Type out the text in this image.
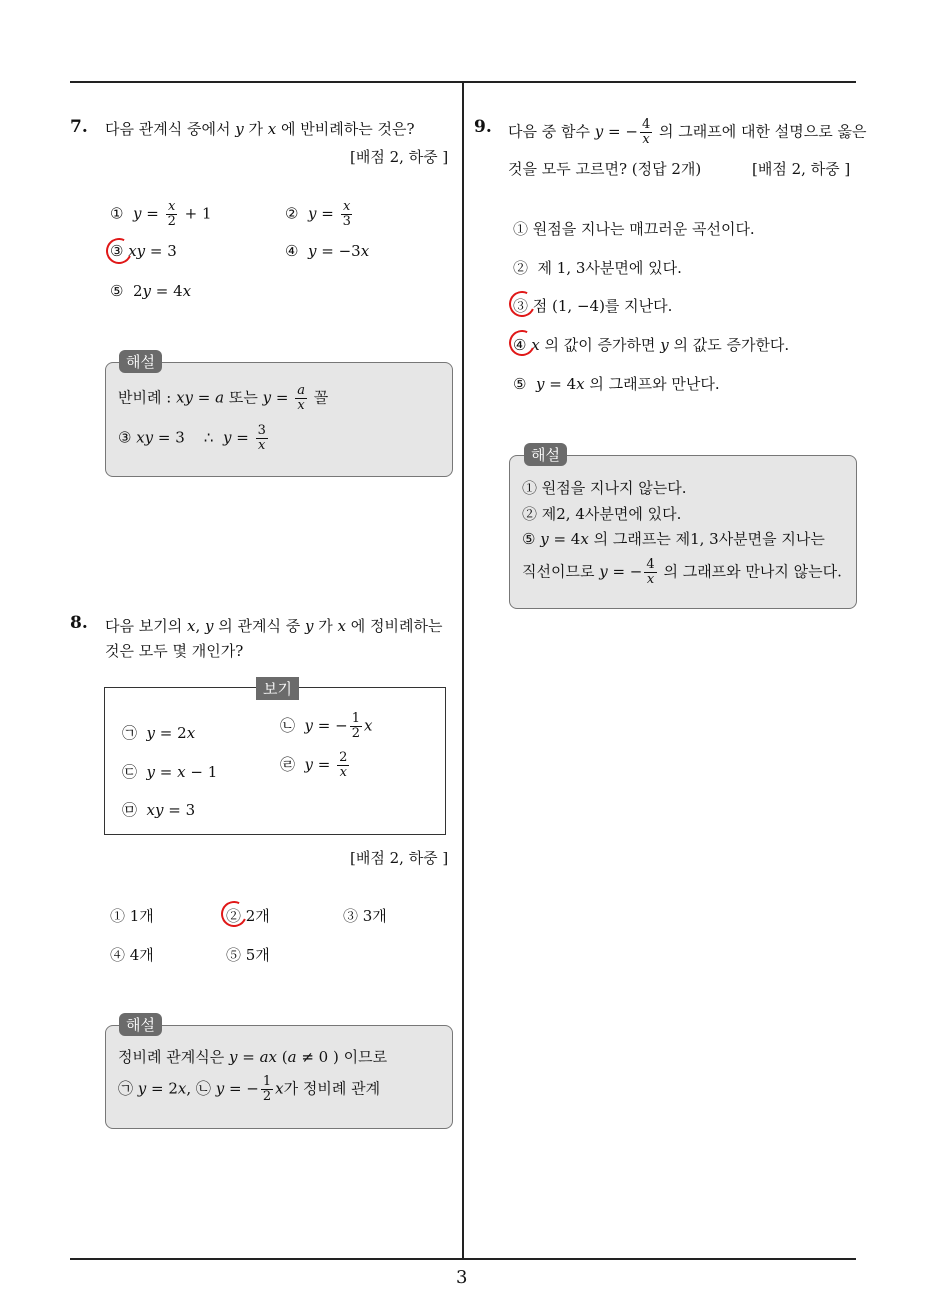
3
7. 다음 관계식 중에서 y 가 x 에 반비례하는 것은?
[배점 2, 하중 ]
①  $y = \frac{x}{2} + 1$	②  $y = \frac{x}{3}$
③ xy = 3	④  y = −3x
⑤  2y = 4x
해설
반비례 : xy = a 또는 $y = \frac{a}{x}$ 꼴
③ xy = 3    ∴  $y = \frac{3}{x}$
8. 다음 보기의 x, y 의 관계식 중 y 가 x 에 정비례하는
것은 모두 몇 개인가?
보기
㉠  y = 2x	㉡  y = − $\frac{1}{2}$ x
㉢  y = x − 1	㉣  $y = \frac{2}{x}$
㉤  xy = 3
[배점 2, 하중 ]
① 1개	② 2개	③ 3개
④ 4개	⑤ 5개
해설
정비례 관계식은 y = ax (a ≠ 0 ) 이므로
㉠ y = 2x, ㉡ y = − $\frac{1}{2}$ x가 정비례 관계
9. 다음 중 함수 y = − $\frac{4}{x}$ 의 그래프에 대한 설명으로 옳은
것을 모두 고르면? (정답 2개)	[배점 2, 하중 ]
① 원점을 지나는 매끄러운 곡선이다.
②  제 1, 3사분면에 있다.
③ 점 (1, −4)를 지난다.
④ x 의 값이 증가하면 y 의 값도 증가한다.
⑤  y = 4x 의 그래프와 만난다.
해설
① 원점을 지나지 않는다.
② 제2, 4사분면에 있다.
⑤ y = 4x 의 그래프는 제1, 3사분면을 지나는
직선이므로 y = − $\frac{4}{x}$ 의 그래프와 만나지 않는다.
